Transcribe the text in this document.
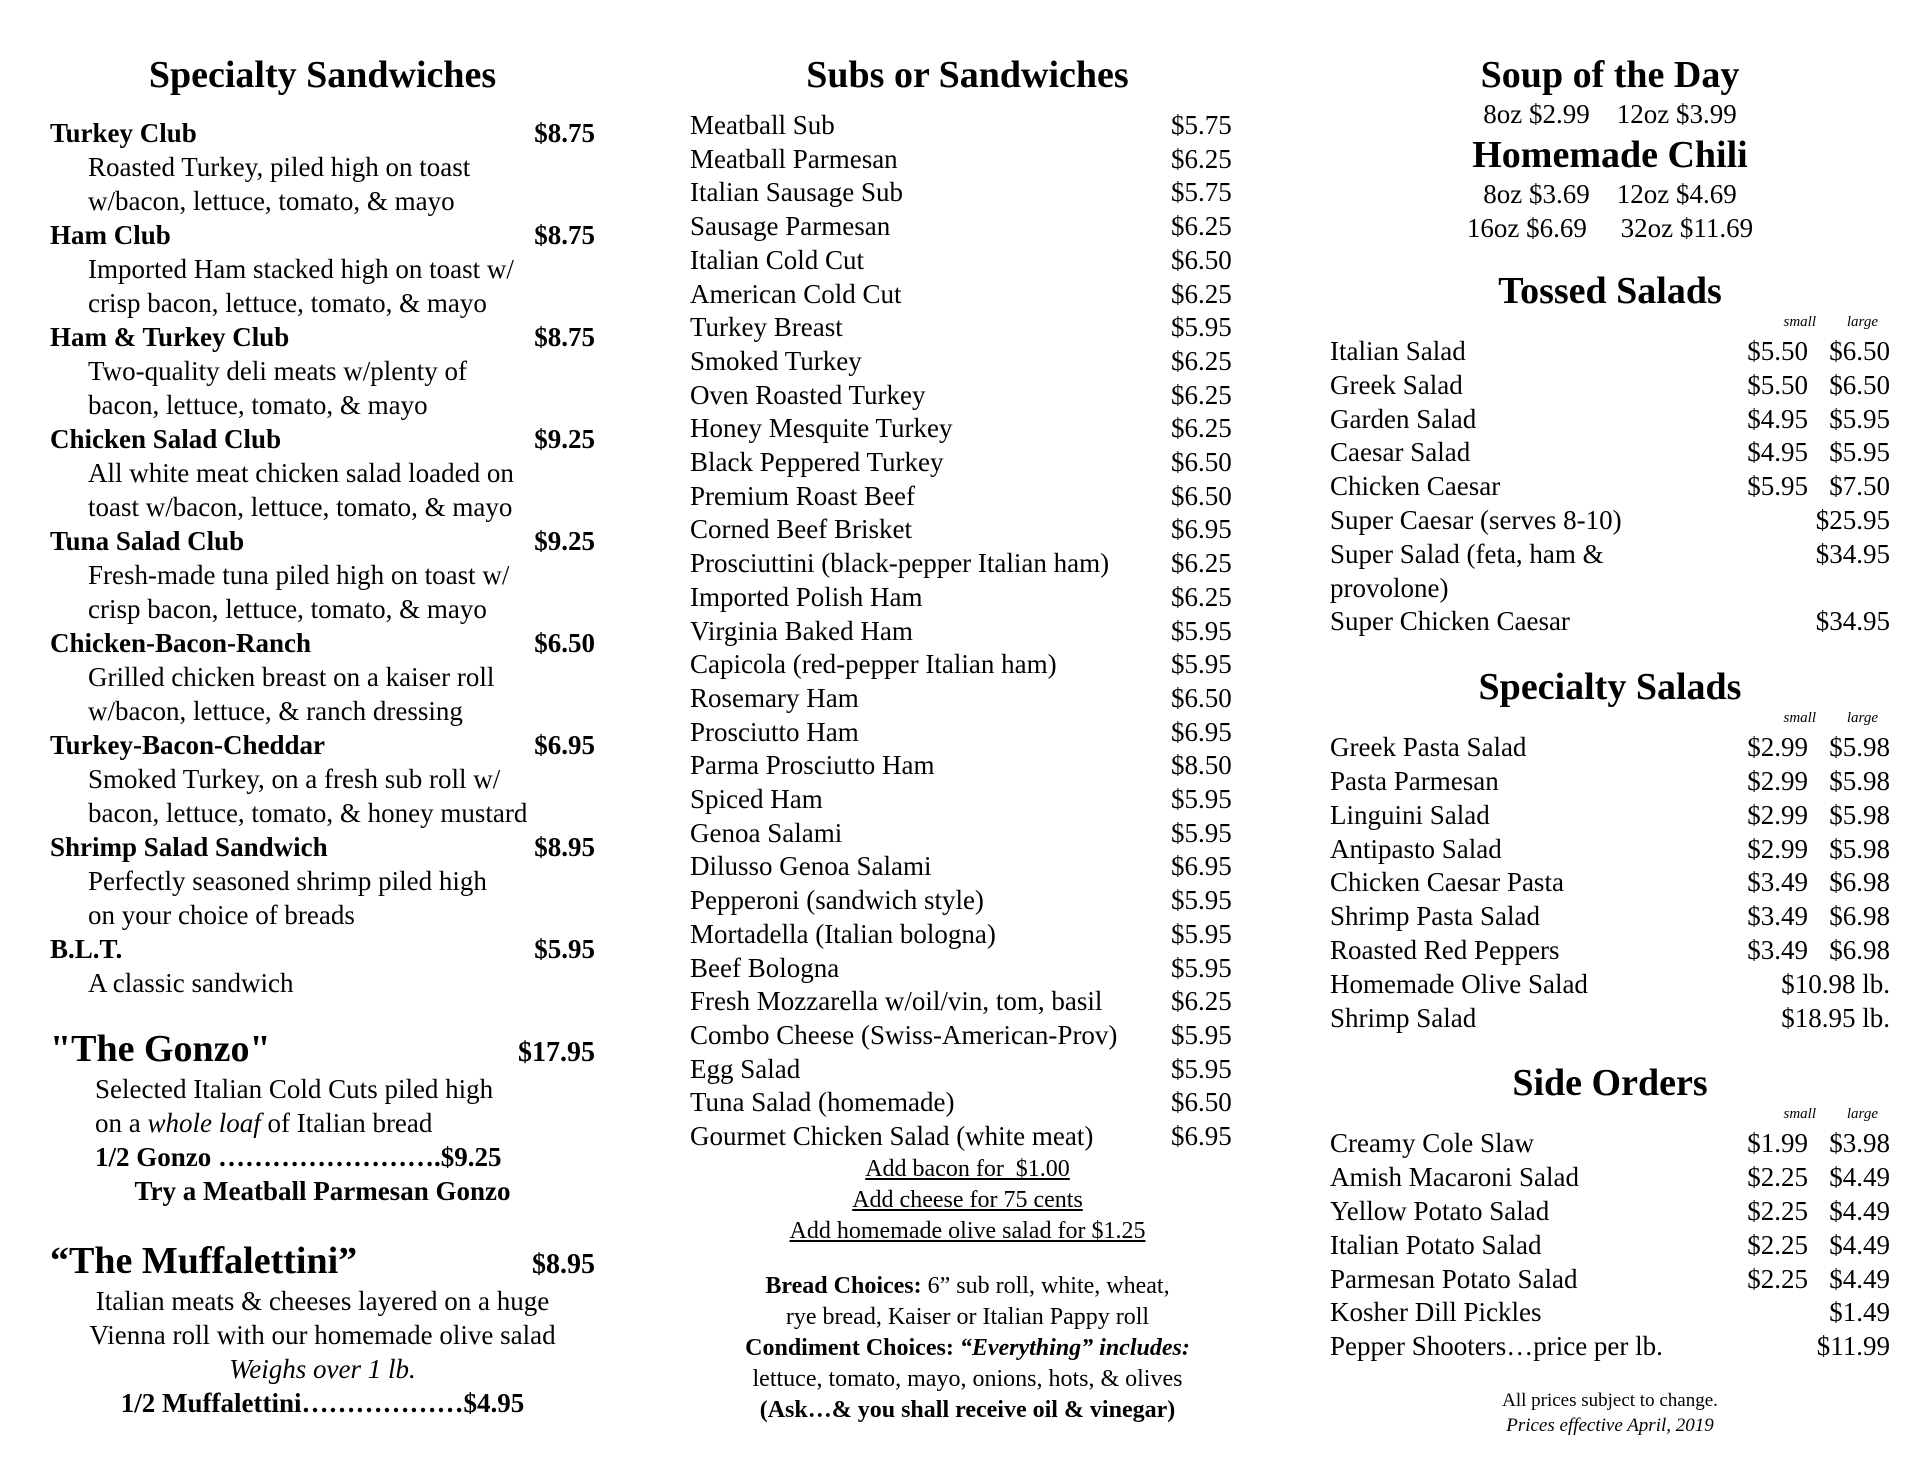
Specialty Sandwiches
Turkey Club	$8.75
Roasted Turkey, piled high on toast
w/bacon, lettuce, tomato, & mayo
Ham Club	$8.75
Imported Ham stacked high on toast w/
crisp bacon, lettuce, tomato, & mayo
Ham & Turkey Club	$8.75
Two-quality deli meats w/plenty of
bacon, lettuce, tomato, & mayo
Chicken Salad Club	$9.25
All white meat chicken salad loaded on
toast w/bacon, lettuce, tomato, & mayo
Tuna Salad Club	$9.25
Fresh-made tuna piled high on toast w/
crisp bacon, lettuce, tomato, & mayo
Chicken-Bacon-Ranch	$6.50
Grilled chicken breast on a kaiser roll
w/bacon, lettuce, & ranch dressing
Turkey-Bacon-Cheddar	$6.95
Smoked Turkey, on a fresh sub roll w/
bacon, lettuce, tomato, & honey mustard
Shrimp Salad Sandwich	$8.95
Perfectly seasoned shrimp piled high
on your choice of breads
B.L.T.	$5.95
A classic sandwich
"The Gonzo"	$17.95
Selected Italian Cold Cuts piled high
on a whole loaf of Italian bread
1/2 Gonzo …………………….$9.25
Try a Meatball Parmesan Gonzo
“The Muffalettini”	$8.95
Italian meats & cheeses layered on a huge
Vienna roll with our homemade olive salad
Weighs over 1 lb.
1/2 Muffalettini………………$4.95
Subs or Sandwiches
Meatball Sub	$5.75
Meatball Parmesan	$6.25
Italian Sausage Sub	$5.75
Sausage Parmesan	$6.25
Italian Cold Cut	$6.50
American Cold Cut	$6.25
Turkey Breast	$5.95
Smoked Turkey	$6.25
Oven Roasted Turkey	$6.25
Honey Mesquite Turkey	$6.25
Black Peppered Turkey	$6.50
Premium Roast Beef	$6.50
Corned Beef Brisket	$6.95
Prosciuttini (black-pepper Italian ham) $6.25
Imported Polish Ham	$6.25
Virginia Baked Ham	$5.95
Capicola (red-pepper Italian ham)	$5.95
Rosemary Ham	$6.50
Prosciutto Ham	$6.95
Parma Prosciutto Ham	$8.50
Spiced Ham	$5.95
Genoa Salami	$5.95
Dilusso Genoa Salami	$6.95
Pepperoni (sandwich style)	$5.95
Mortadella (Italian bologna)	$5.95
Beef Bologna	$5.95
Fresh Mozzarella w/oil/vin, tom, basil	$6.25
Combo Cheese (Swiss-American-Prov) $5.95
Egg Salad	$5.95
Tuna Salad (homemade)	$6.50
Gourmet Chicken Salad (white meat)	$6.95
Add bacon for  $1.00
Add cheese for 75 cents
Add homemade olive salad for $1.25
Bread Choices: 6” sub roll, white, wheat,
rye bread, Kaiser or Italian Pappy roll
Condiment Choices: “Everything” includes:
lettuce, tomato, mayo, onions, hots, & olives
(Ask…& you shall receive oil & vinegar)
Soup of the Day
8oz $2.99    12oz $3.99
Homemade Chili
8oz $3.69    12oz $4.69
16oz $6.69     32oz $11.69
Tossed Salads
small	large
Italian Salad	$5.50 $6.50
Greek Salad	$5.50 $6.50
Garden Salad	$4.95 $5.95
Caesar Salad	$4.95 $5.95
Chicken Caesar	$5.95 $7.50
Super Caesar (serves 8-10)	$25.95
Super Salad (feta, ham & provolone)
$34.95
Super Chicken Caesar	$34.95
Specialty Salads
small	large
Greek Pasta Salad	$2.99 $5.98
Pasta Parmesan	$2.99 $5.98
Linguini Salad	$2.99 $5.98
Antipasto Salad	$2.99 $5.98
Chicken Caesar Pasta	$3.49 $6.98
Shrimp Pasta Salad	$3.49 $6.98
Roasted Red Peppers	$3.49 $6.98
Homemade Olive Salad	$10.98 lb.
Shrimp Salad	$18.95 lb.
Side Orders
small	large
Creamy Cole Slaw	$1.99 $3.98
Amish Macaroni Salad	$2.25 $4.49
Yellow Potato Salad	$2.25 $4.49
Italian Potato Salad	$2.25 $4.49
Parmesan Potato Salad	$2.25 $4.49
Kosher Dill Pickles	$1.49
Pepper Shooters…price per lb.	$11.99
All prices subject to change.
Prices effective April, 2019
